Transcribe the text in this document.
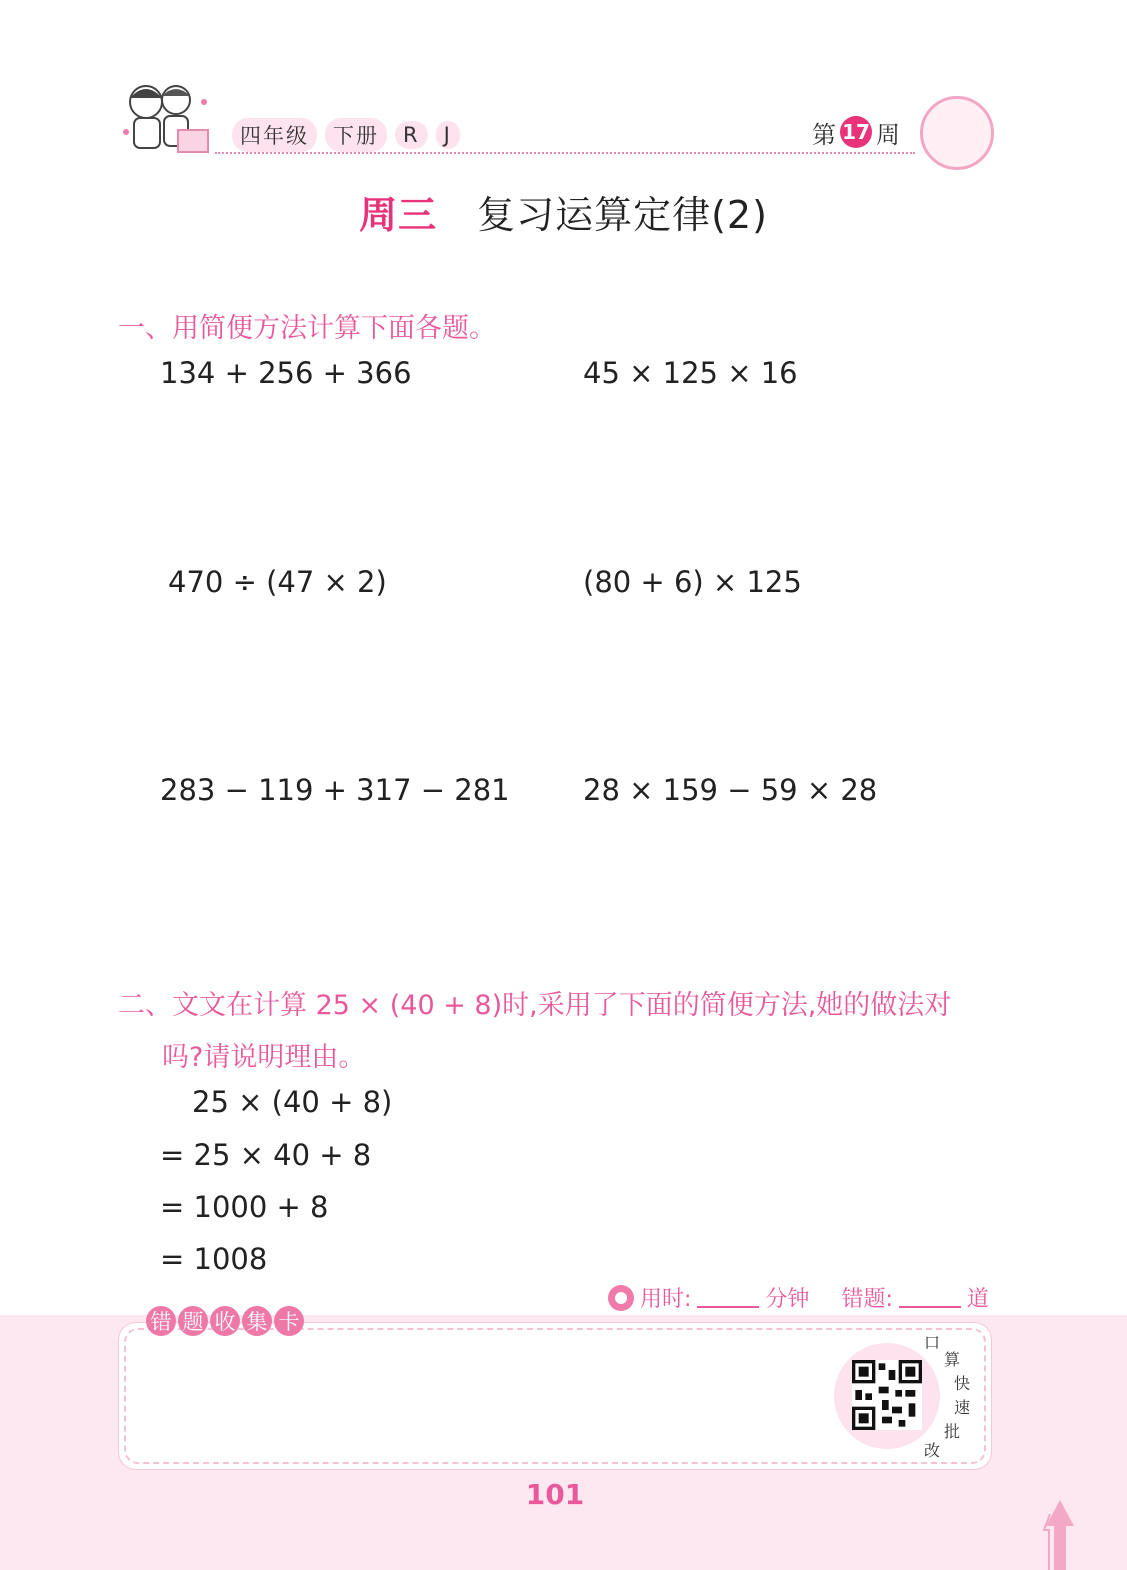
四年级	下册	R	J	第 17 周
周三 复习运算定律(2)
一、用简便方法计算下面各题。
134 + 256 + 366	45 × 125 × 16
470 ÷ (47 × 2)	(80 + 6) × 125
283 − 119 + 317 − 281	28 × 159 − 59 × 28
二、文文在计算 25 × (40 + 8)时,采用了下面的简便方法,她的做法对
吗?请说明理由。
25 × (40 + 8)
= 25 × 40 + 8
= 1000 + 8
= 1008
用时:	分钟 错题:	道
错 题 收 集 卡
口
算
快
速
批
改
101
